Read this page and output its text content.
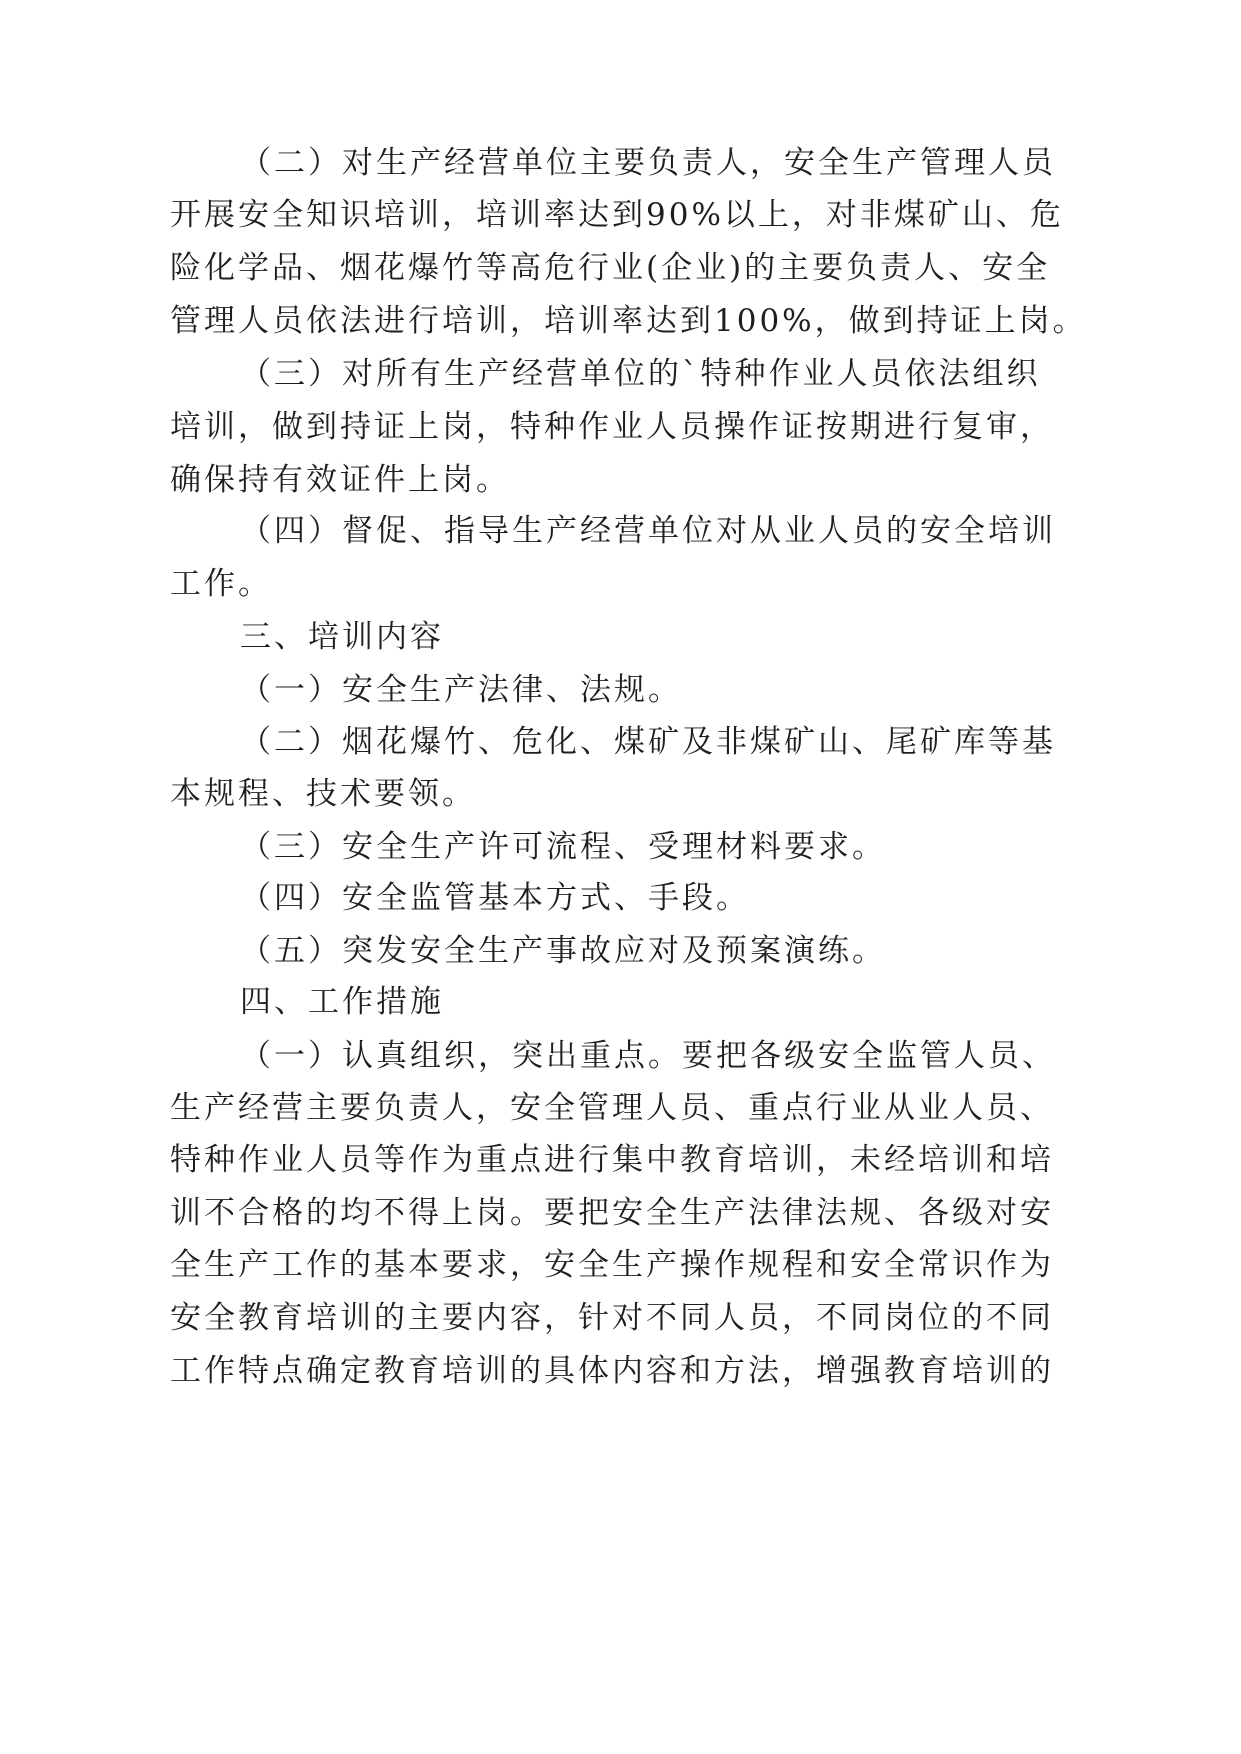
（二）对生产经营单位主要负责人，安全生产管理人员
开展安全知识培训，培训率达到90%以上，对非煤矿山、危
险化学品、烟花爆竹等高危行业(企业)的主要负责人、安全
管理人员依法进行培训，培训率达到100%，做到持证上岗。
（三）对所有生产经营单位的`特种作业人员依法组织
培训，做到持证上岗，特种作业人员操作证按期进行复审，
确保持有效证件上岗。
（四）督促、指导生产经营单位对从业人员的安全培训
工作。
三、培训内容
（一）安全生产法律、法规。
（二）烟花爆竹、危化、煤矿及非煤矿山、尾矿库等基
本规程、技术要领。
（三）安全生产许可流程、受理材料要求。
（四）安全监管基本方式、手段。
（五）突发安全生产事故应对及预案演练。
四、工作措施
（一）认真组织，突出重点。要把各级安全监管人员、
生产经营主要负责人，安全管理人员、重点行业从业人员、
特种作业人员等作为重点进行集中教育培训，未经培训和培
训不合格的均不得上岗。要把安全生产法律法规、各级对安
全生产工作的基本要求，安全生产操作规程和安全常识作为
安全教育培训的主要内容，针对不同人员，不同岗位的不同
工作特点确定教育培训的具体内容和方法，增强教育培训的
